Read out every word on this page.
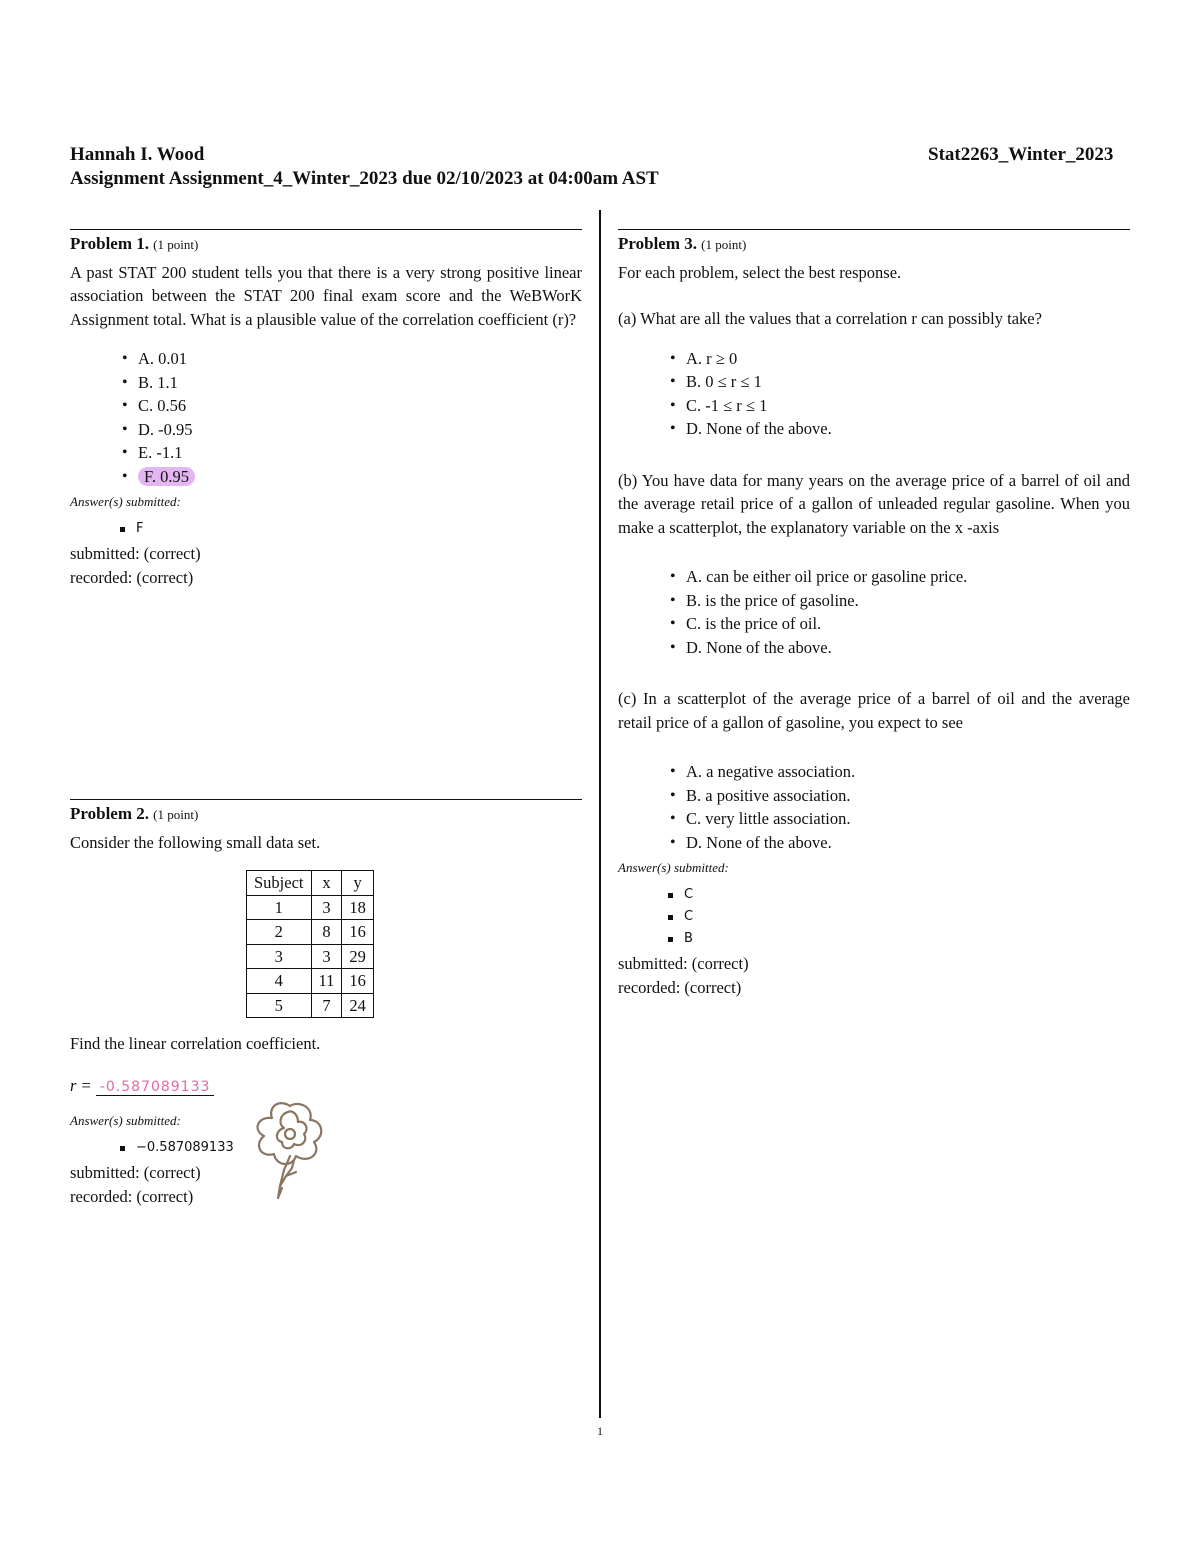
Hannah I. Wood
Assignment Assignment_4_Winter_2023 due 02/10/2023 at 04:00am AST
Stat2263_Winter_2023
1
Problem 1. (1 point)

A past STAT 200 student tells you that there is a very strong positive linear association between the STAT 200 final exam score and the WeBWorK Assignment total. What is a plausible value of the correlation coefficient (r)?

• A. 0.01
• B. 1.1
• C. 0.56
• D. -0.95
• E. -1.1
• F. 0.95
Answer(s) submitted:
F
submitted: (correct)
recorded: (correct)
Problem 2. (1 point)

Consider the following small data set.

Subject	x	y
1	3	18
2	8	16
3	3	29
4	11	16
5	7	24
Find the linear correlation coefficient.
r = -0.587089133
Answer(s) submitted:
−0.587089133
submitted: (correct)
recorded: (correct)
Problem 3. (1 point)

For each problem, select the best response.

(a) What are all the values that a correlation r can possibly take?

• A. r ≥ 0
• B. 0 ≤ r ≤ 1
• C. -1 ≤ r ≤ 1
• D. None of the above.

(b) You have data for many years on the average price of a barrel of oil and the average retail price of a gallon of unleaded regular gasoline. When you make a scatterplot, the explanatory variable on the x -axis

• A. can be either oil price or gasoline price.
• B. is the price of gasoline.
• C. is the price of oil.
• D. None of the above.

(c) In a scatterplot of the average price of a barrel of oil and the average retail price of a gallon of gasoline, you expect to see

• A. a negative association.
• B. a positive association.
• C. very little association.
• D. None of the above.
Answer(s) submitted:
C
C
B
submitted: (correct)
recorded: (correct)
